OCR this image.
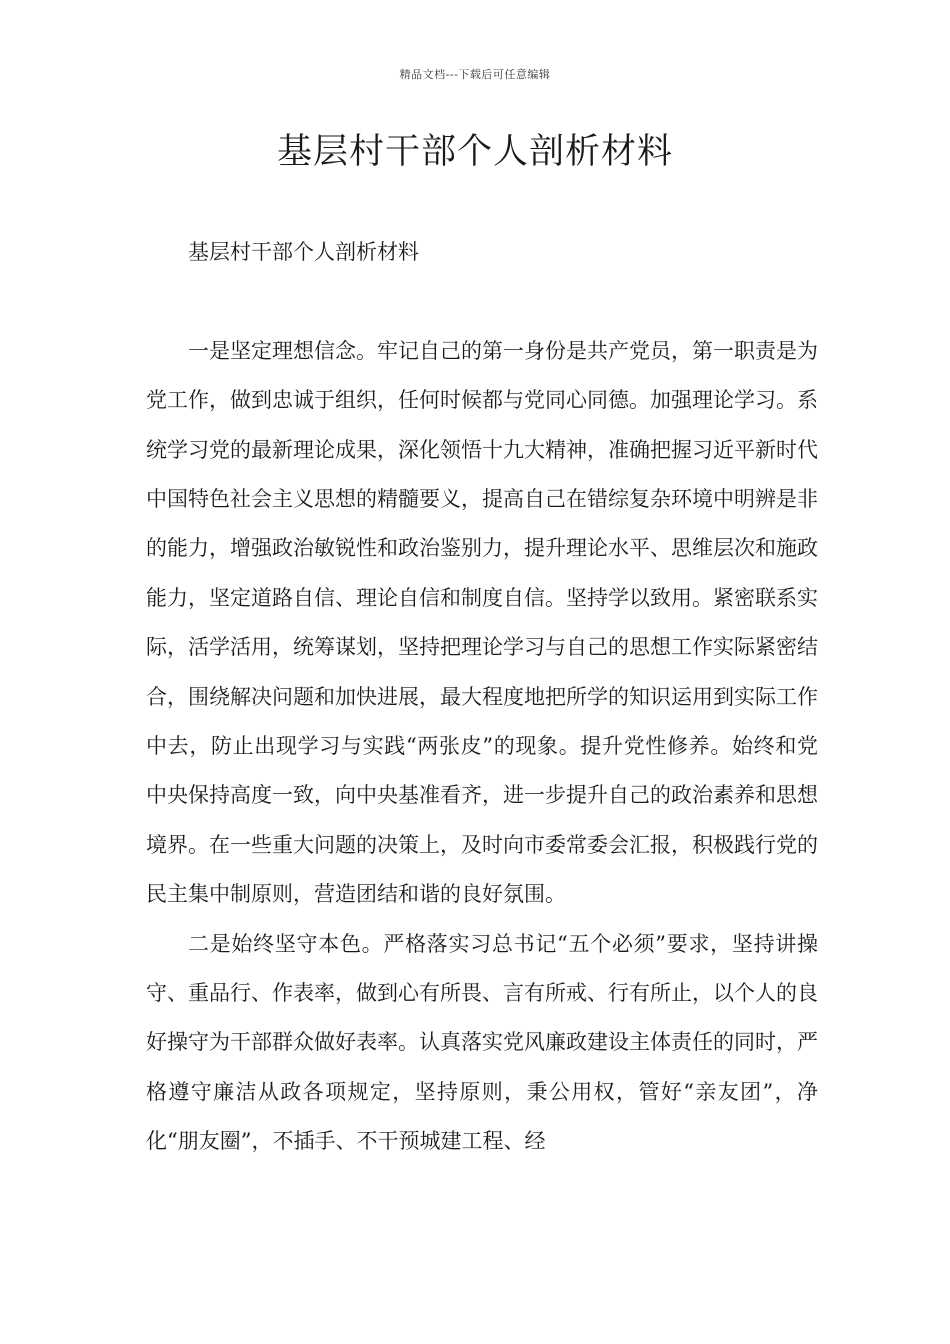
精品文档---下载后可任意编辑
基层村干部个人剖析材料

基层村干部个人剖析材料

一是坚定理想信念。牢记自己的第一身份是共产党员，第一职责是为党工作，做到忠诚于组织，任何时候都与党同心同德。加强理论学习。系统学习党的最新理论成果，深化领悟十九大精神，准确把握习近平新时代中国特色社会主义思想的精髓要义，提高自己在错综复杂环境中明辨是非的能力，增强政治敏锐性和政治鉴别力，提升理论水平、思维层次和施政能力，坚定道路自信、理论自信和制度自信。坚持学以致用。紧密联系实际，活学活用，统筹谋划，坚持把理论学习与自己的思想工作实际紧密结合，围绕解决问题和加快进展，最大程度地把所学的知识运用到实际工作中去，防止出现学习与实践“两张皮”的现象。提升党性修养。始终和党中央保持高度一致，向中央基准看齐，进一步提升自己的政治素养和思想境界。在一些重大问题的决策上，及时向市委常委会汇报，积极践行党的民主集中制原则，营造团结和谐的良好氛围。

二是始终坚守本色。严格落实习总书记“五个必须”要求，坚持讲操守、重品行、作表率，做到心有所畏、言有所戒、行有所止，以个人的良好操守为干部群众做好表率。认真落实党风廉政建设主体责任的同时，严格遵守廉洁从政各项规定，坚持原则，秉公用权，管好“亲友团”，净化“朋友圈”，不插手、不干预城建工程、经
